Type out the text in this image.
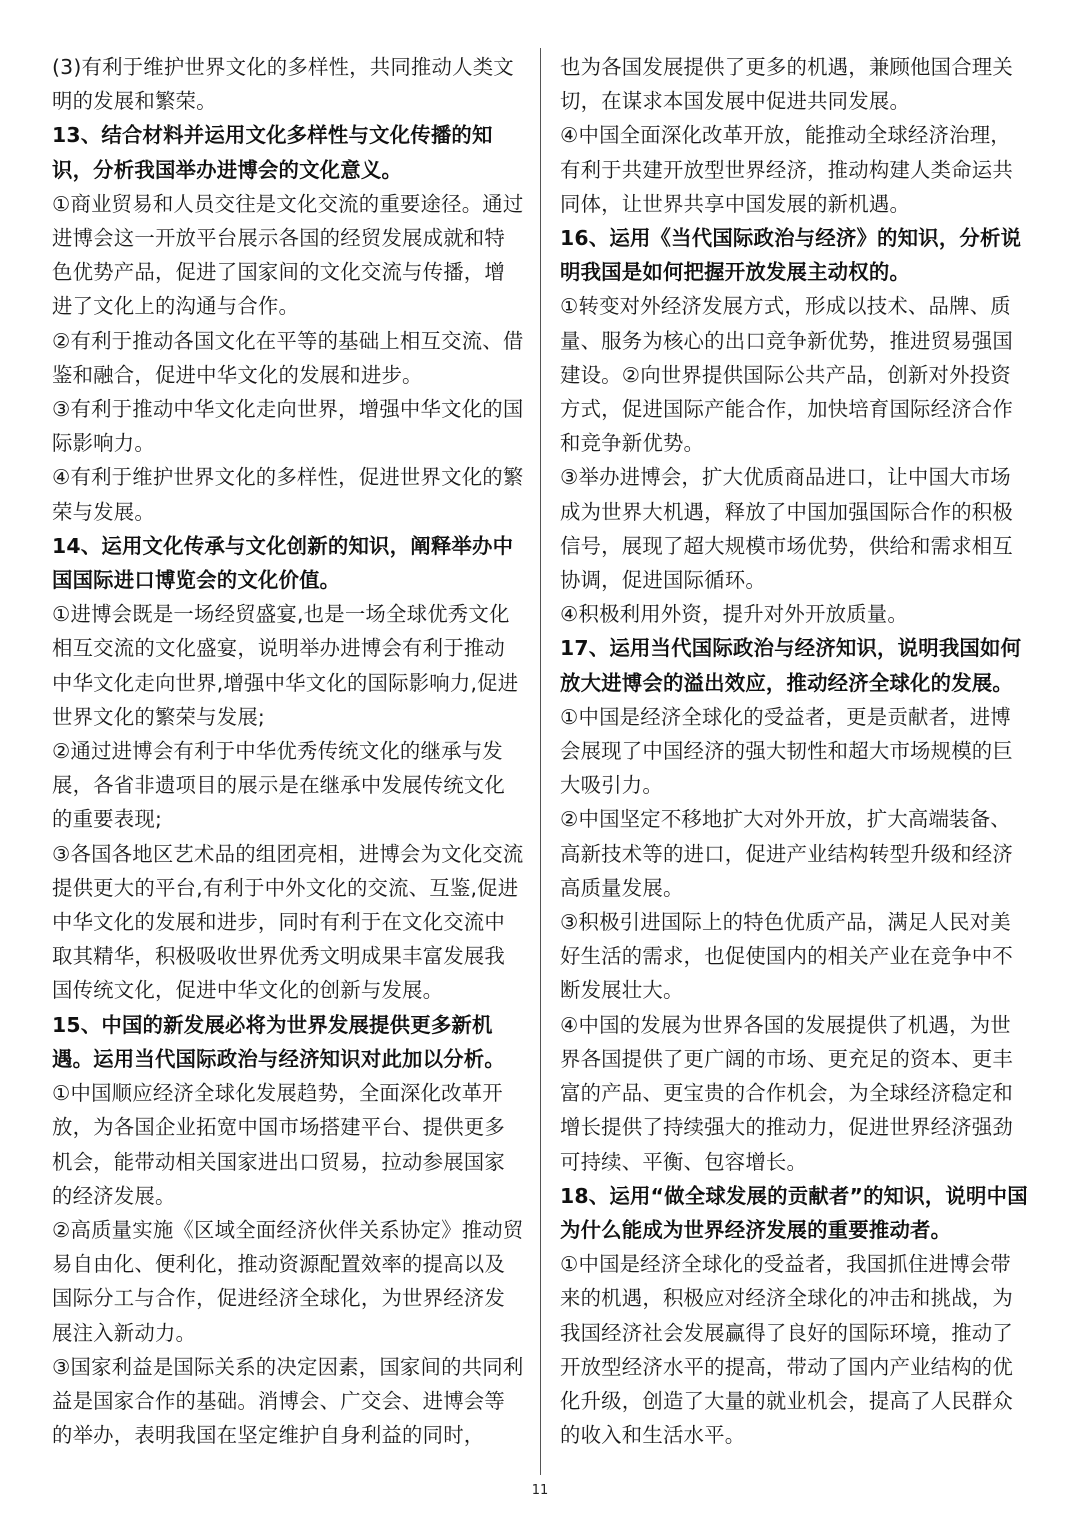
(3)有利于维护世界文化的多样性，共同推动人类文明的发展和繁荣。

13、结合材料并运用文化多样性与文化传播的知识，分析我国举办进博会的文化意义。

①商业贸易和人员交往是文化交流的重要途径。通过进博会这一开放平台展示各国的经贸发展成就和特色优势产品，促进了国家间的文化交流与传播，增进了文化上的沟通与合作。

②有利于推动各国文化在平等的基础上相互交流、借鉴和融合，促进中华文化的发展和进步。

③有利于推动中华文化走向世界，增强中华文化的国际影响力。

④有利于维护世界文化的多样性，促进世界文化的繁荣与发展。

14、运用文化传承与文化创新的知识，阐释举办中国国际进口博览会的文化价值。

①进博会既是一场经贸盛宴,也是一场全球优秀文化相互交流的文化盛宴，说明举办进博会有利于推动中华文化走向世界,增强中华文化的国际影响力,促进世界文化的繁荣与发展;

②通过进博会有利于中华优秀传统文化的继承与发展，各省非遗项目的展示是在继承中发展传统文化的重要表现;

③各国各地区艺术品的组团亮相，进博会为文化交流提供更大的平台,有利于中外文化的交流、互鉴,促进中华文化的发展和进步，同时有利于在文化交流中取其精华，积极吸收世界优秀文明成果丰富发展我国传统文化，促进中华文化的创新与发展。

15、中国的新发展必将为世界发展提供更多新机遇。运用当代国际政治与经济知识对此加以分析。

①中国顺应经济全球化发展趋势，全面深化改革开放，为各国企业拓宽中国市场搭建平台、提供更多机会，能带动相关国家进出口贸易，拉动参展国家的经济发展。

②高质量实施《区域全面经济伙伴关系协定》推动贸易自由化、便利化，推动资源配置效率的提高以及国际分工与合作，促进经济全球化，为世界经济发展注入新动力。

③国家利益是国际关系的决定因素，国家间的共同利益是国家合作的基础。消博会、广交会、进博会等的举办，表明我国在坚定维护自身利益的同时，

也为各国发展提供了更多的机遇，兼顾他国合理关切，在谋求本国发展中促进共同发展。

④中国全面深化改革开放，能推动全球经济治理，有利于共建开放型世界经济，推动构建人类命运共同体，让世界共享中国发展的新机遇。

16、运用《当代国际政治与经济》的知识，分析说明我国是如何把握开放发展主动权的。

①转变对外经济发展方式，形成以技术、品牌、质量、服务为核心的出口竞争新优势，推进贸易强国建设。②向世界提供国际公共产品，创新对外投资方式，促进国际产能合作，加快培育国际经济合作和竞争新优势。

③举办进博会，扩大优质商品进口，让中国大市场成为世界大机遇，释放了中国加强国际合作的积极信号，展现了超大规模市场优势，供给和需求相互协调，促进国际循环。

④积极利用外资，提升对外开放质量。

17、运用当代国际政治与经济知识，说明我国如何放大进博会的溢出效应，推动经济全球化的发展。

①中国是经济全球化的受益者，更是贡献者，进博会展现了中国经济的强大韧性和超大市场规模的巨大吸引力。

②中国坚定不移地扩大对外开放，扩大高端装备、高新技术等的进口，促进产业结构转型升级和经济高质量发展。

③积极引进国际上的特色优质产品，满足人民对美好生活的需求，也促使国内的相关产业在竞争中不断发展壮大。

④中国的发展为世界各国的发展提供了机遇，为世界各国提供了更广阔的市场、更充足的资本、更丰富的产品、更宝贵的合作机会，为全球经济稳定和增长提供了持续强大的推动力，促进世界经济强劲可持续、平衡、包容增长。

18、运用“做全球发展的贡献者”的知识，说明中国为什么能成为世界经济发展的重要推动者。

①中国是经济全球化的受益者，我国抓住进博会带来的机遇，积极应对经济全球化的冲击和挑战，为我国经济社会发展赢得了良好的国际环境，推动了开放型经济水平的提高，带动了国内产业结构的优化升级，创造了大量的就业机会，提高了人民群众的收入和生活水平。

11
